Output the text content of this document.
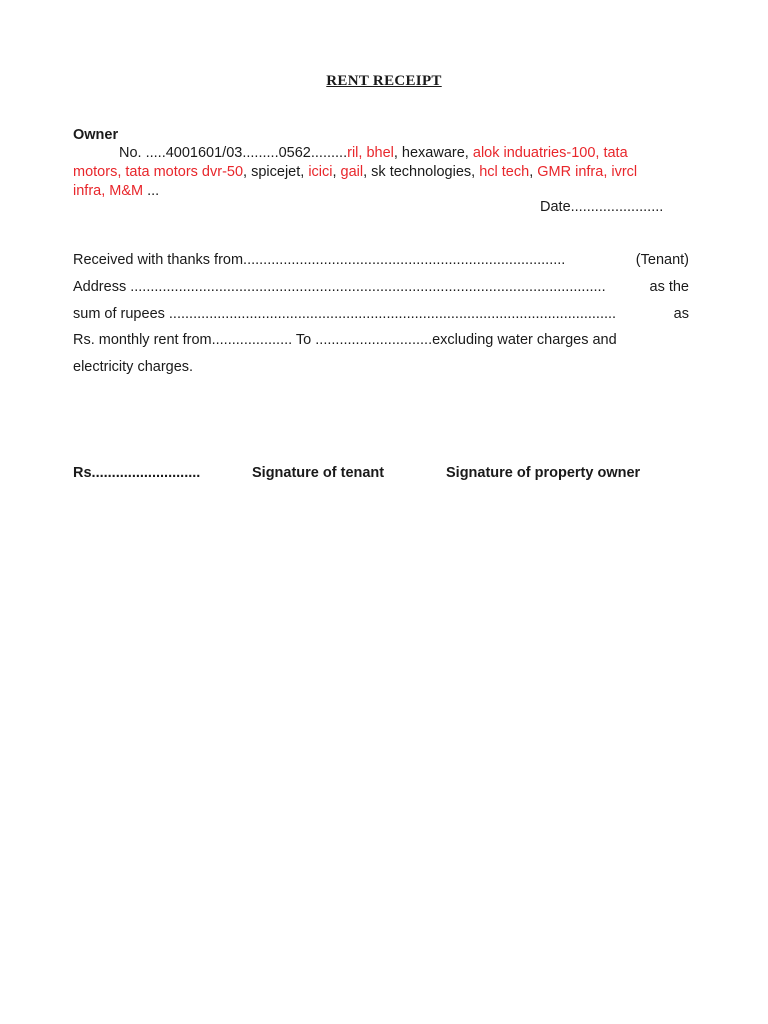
RENT RECEIPT
Owner
No. .....4001601/03.........0562.........ril, bhel, hexaware, alok induatries-100, tata motors, tata motors dvr-50, spicejet, icici, gail, sk technologies, hcl tech, GMR infra, ivrcl infra, M&M ...
Date.......................
Received with thanks from................................................................................	(Tenant)
Address ......................................................................................................................	as the
sum of rupees ...............................................................................................................	as
Rs. monthly rent from.................... To .............................excluding water charges and
electricity charges.
Rs...........................	Signature of tenant	Signature of property owner
